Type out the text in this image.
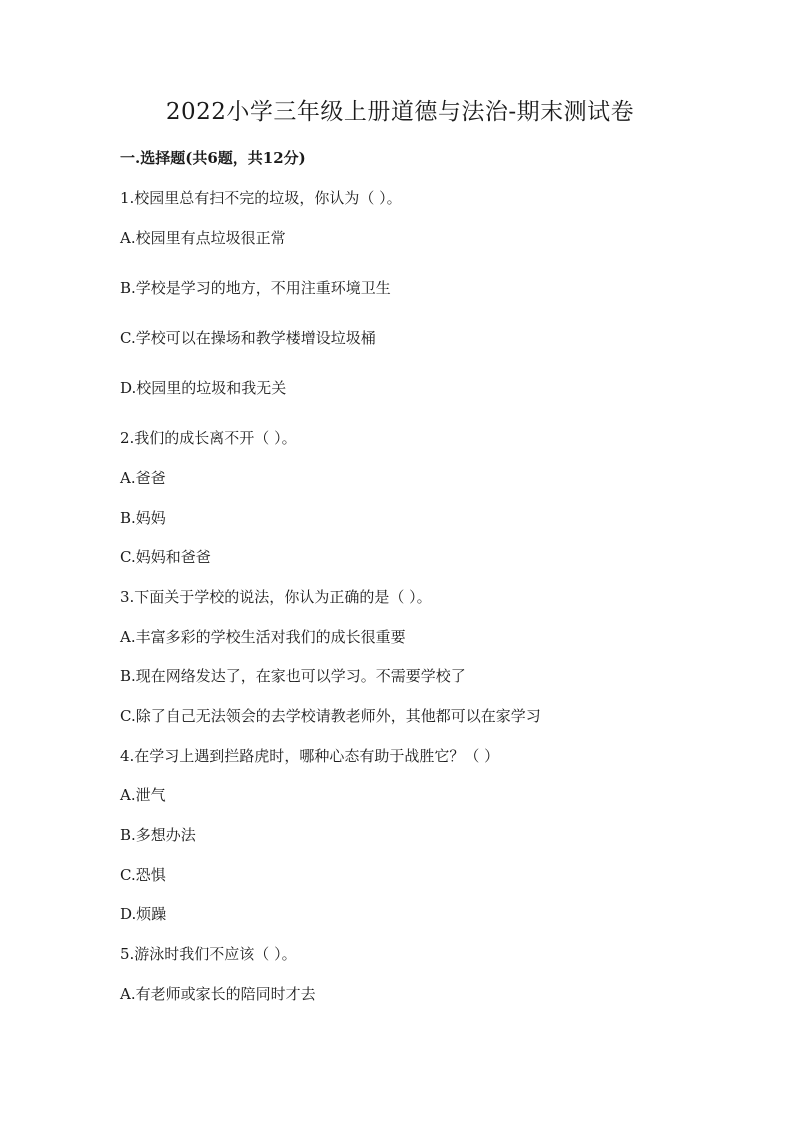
2022小学三年级上册道德与法治-期末测试卷

一.选择题(共6题，共12分)

1.校园里总有扫不完的垃圾，你认为（ ）。

A.校园里有点垃圾很正常

B.学校是学习的地方，不用注重环境卫生

C.学校可以在操场和教学楼增设垃圾桶

D.校园里的垃圾和我无关

2.我们的成长离不开（ ）。

A.爸爸

B.妈妈

C.妈妈和爸爸

3.下面关于学校的说法，你认为正确的是（ ）。

A.丰富多彩的学校生活对我们的成长很重要

B.现在网络发达了，在家也可以学习。不需要学校了

C.除了自己无法领会的去学校请教老师外，其他都可以在家学习

4.在学习上遇到拦路虎时，哪种心态有助于战胜它？（ ）

A.泄气

B.多想办法

C.恐惧

D.烦躁

5.游泳时我们不应该（ ）。

A.有老师或家长的陪同时才去
